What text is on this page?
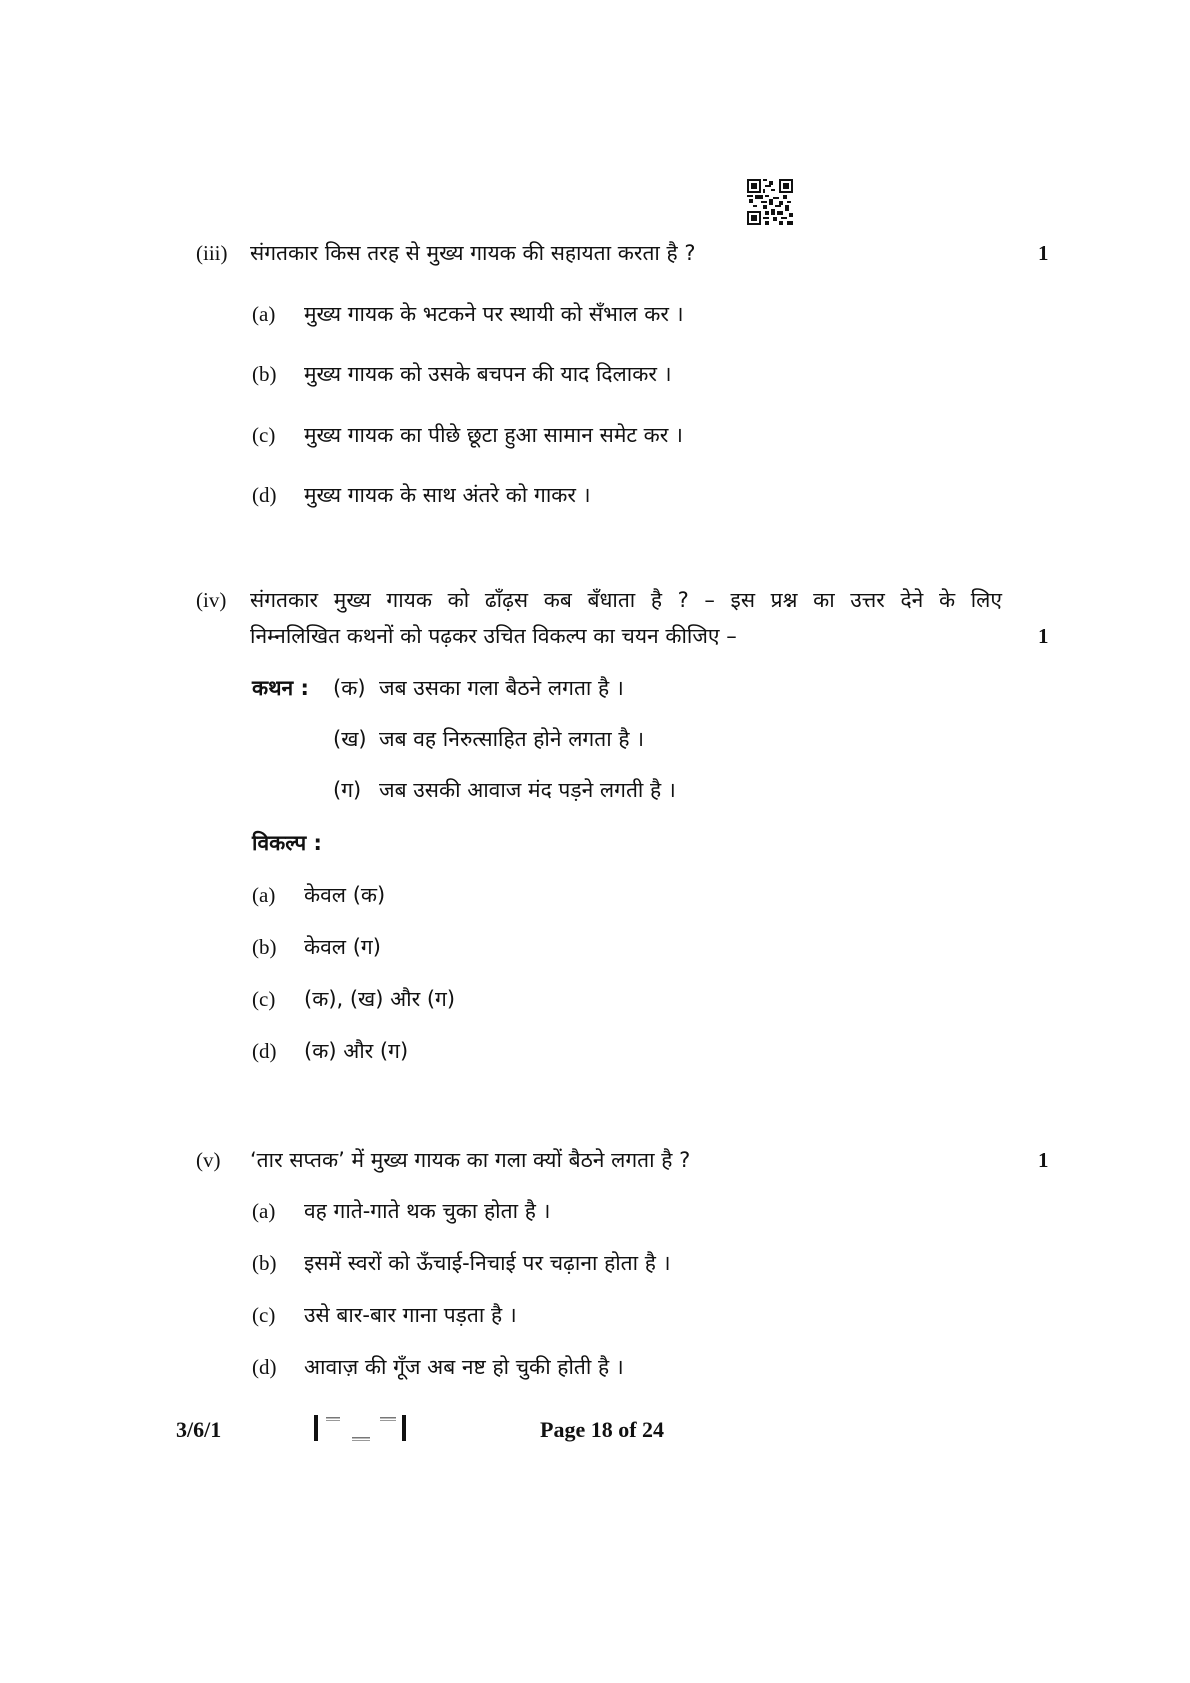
(iii) संगतकार किस तरह से मुख्य गायक की सहायता करता है ?	1
(a)	मुख्य गायक के भटकने पर स्थायी को सँभाल कर ।
(b)	मुख्य गायक को उसके बचपन की याद दिलाकर ।
(c)	मुख्य गायक का पीछे छूटा हुआ सामान समेट कर ।
(d)	मुख्य गायक के साथ अंतरे को गाकर ।
(iv) संगतकार मुख्य गायक को ढाँढ़स कब बँधाता है ? – इस प्रश्न का उत्तर देने के लिए
निम्नलिखित कथनों को पढ़कर उचित विकल्प का चयन कीजिए –	1
कथन : (क) जब उसका गला बैठने लगता है ।
(ख) जब वह निरुत्साहित होने लगता है ।
(ग) जब उसकी आवाज मंद पड़ने लगती है ।
विकल्प :
(a)	केवल (क)
(b)	केवल (ग)
(c)	(क), (ख) और (ग)
(d)	(क) और (ग)
(v) ‘तार सप्तक’ में मुख्य गायक का गला क्यों बैठने लगता है ?	1
(a)	वह गाते-गाते थक चुका होता है ।
(b)	इसमें स्वरों को ऊँचाई-निचाई पर चढ़ाना होता है ।
(c)	उसे बार-बार गाना पड़ता है ।
(d)	आवाज़ की गूँज अब नष्ट हो चुकी होती है ।
3/6/1	Page 18 of 24
